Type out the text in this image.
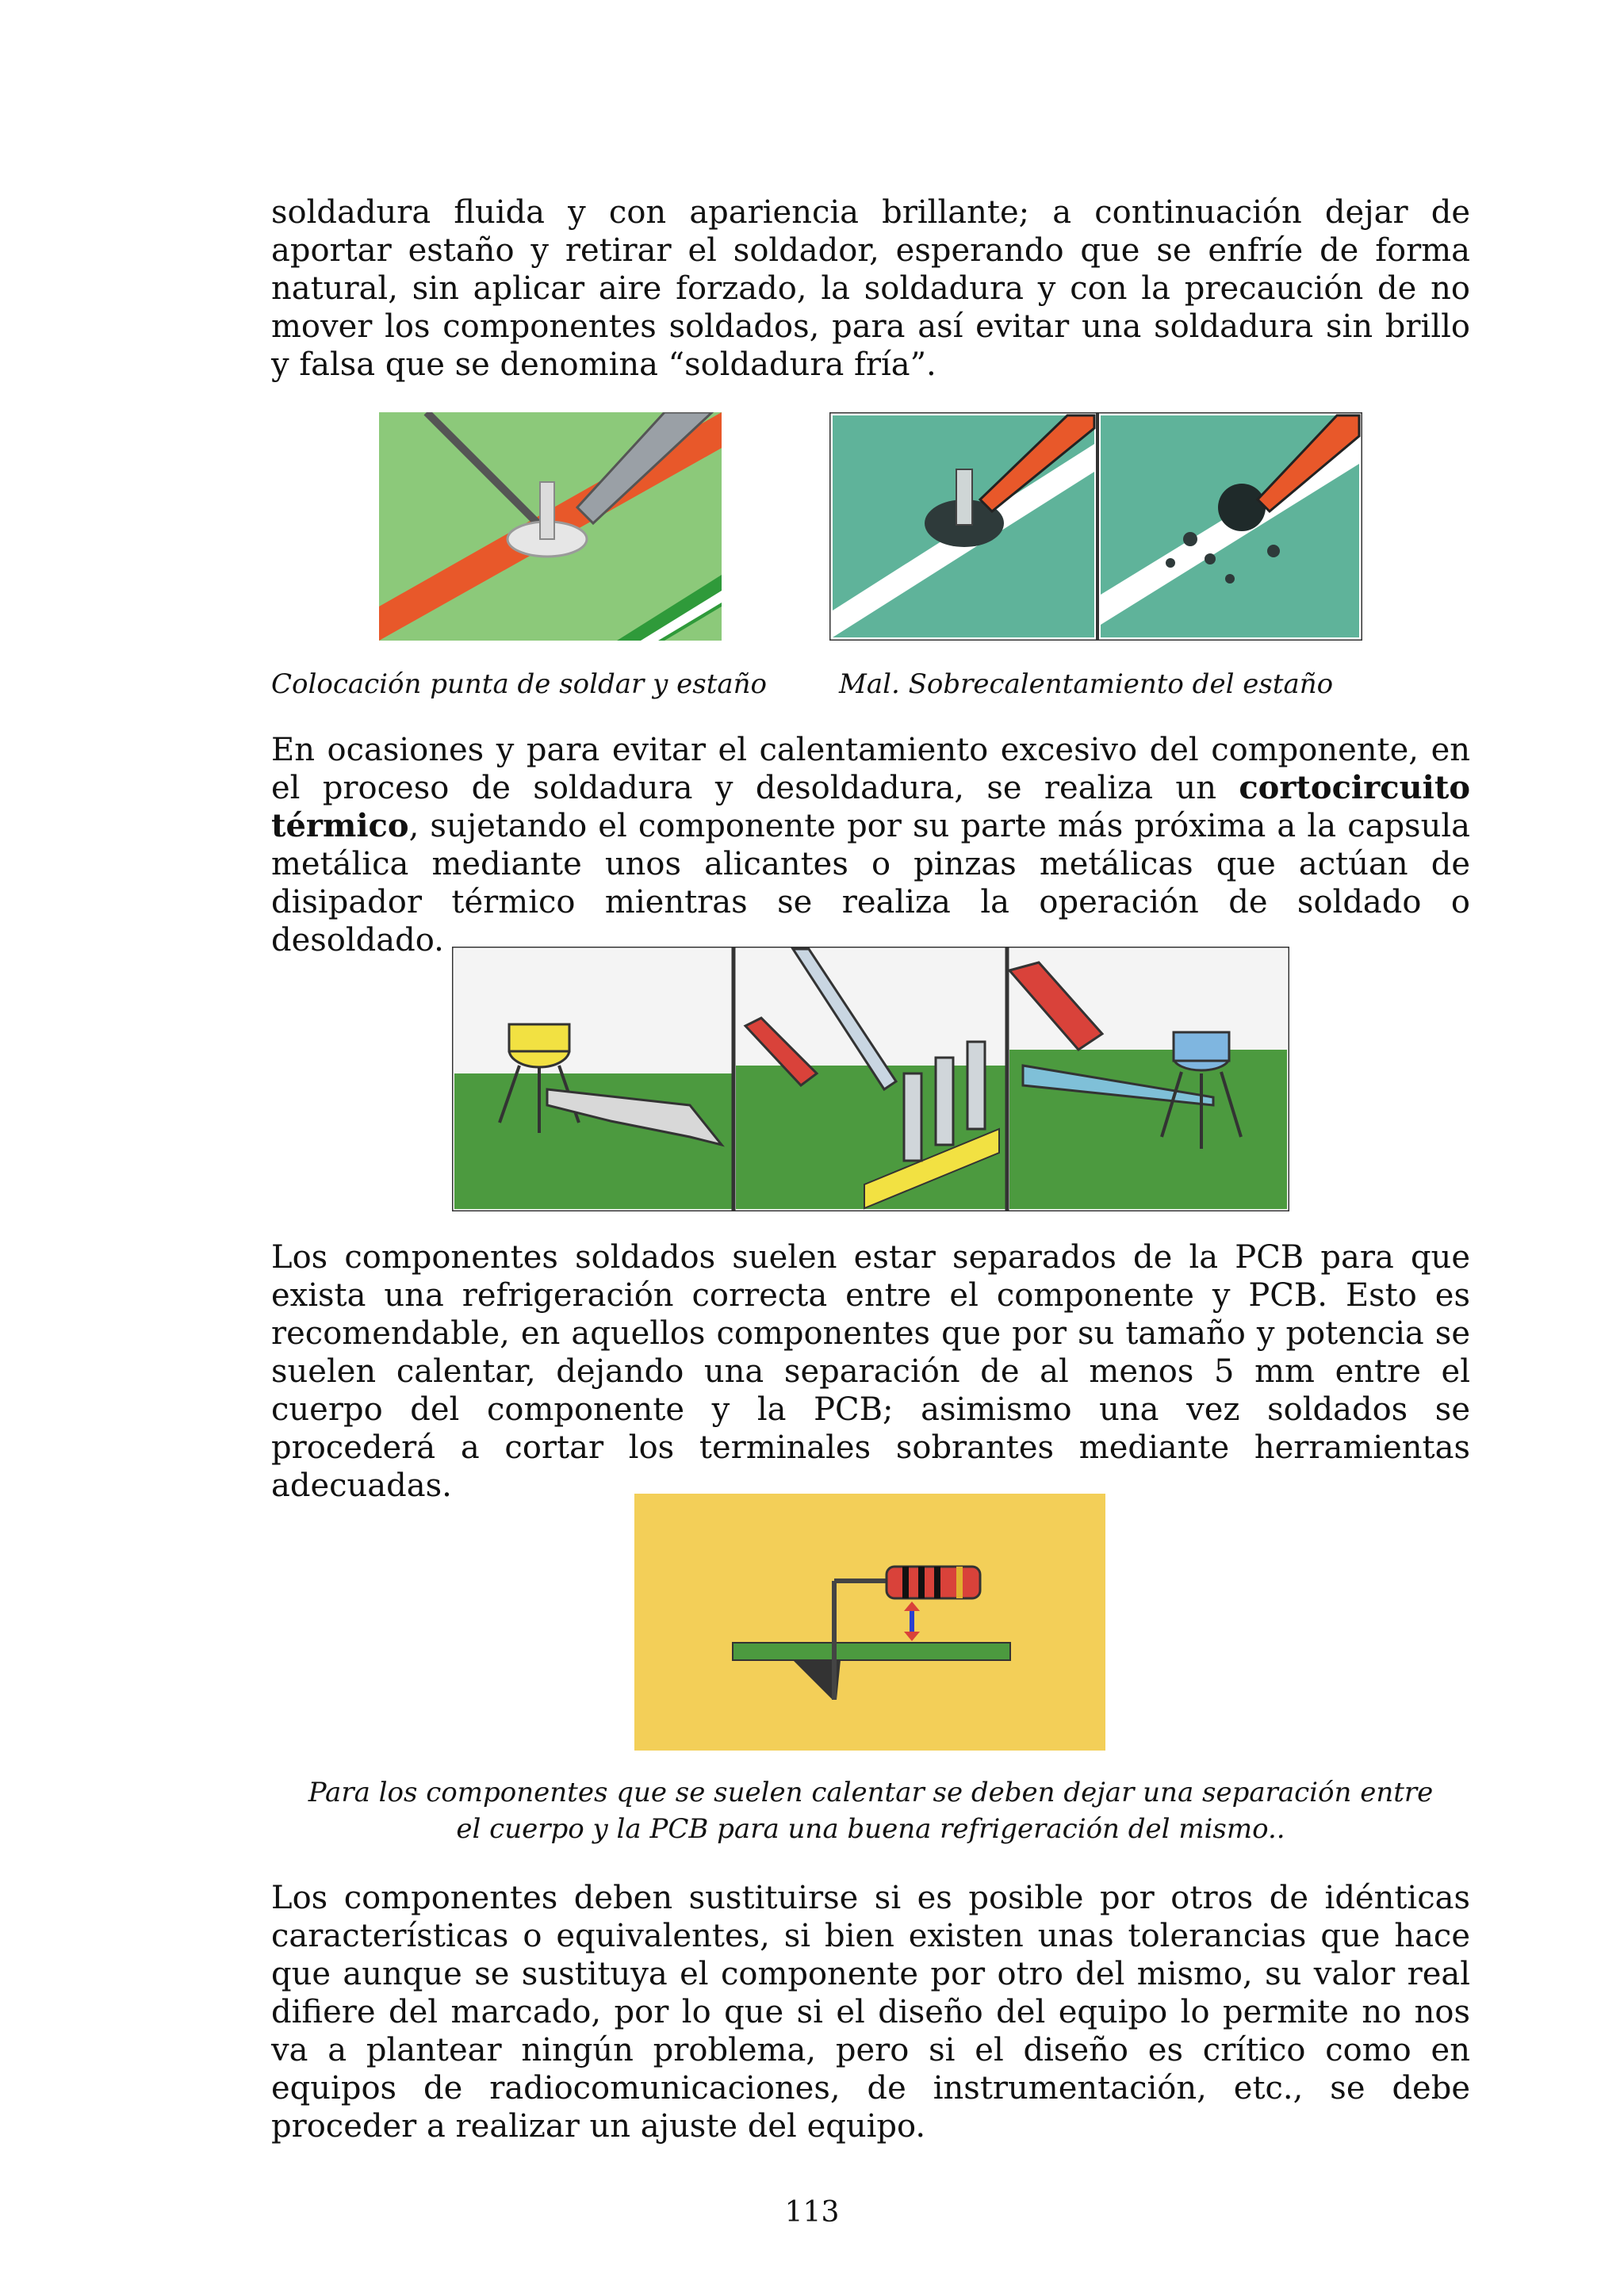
soldadura fluida y con apariencia brillante; a continuación dejar de aportar estaño y retirar el soldador, esperando que se enfríe de forma natural, sin aplicar aire forzado, la soldadura y con la precaución de no mover los componentes soldados, para así evitar una soldadura sin brillo y falsa que se denomina “soldadura fría”.

Colocación punta de soldar y estaño	Mal. Sobrecalentamiento del estaño

En ocasiones y para evitar el calentamiento excesivo del componente, en el proceso de soldadura y desoldadura, se realiza un cortocircuito térmico, sujetando el componente por su parte más próxima a la capsula metálica mediante unos alicantes o pinzas metálicas que actúan de disipador térmico mientras se realiza la operación de soldado o desoldado.

Los componentes soldados suelen estar separados de la PCB para que exista una refrigeración correcta entre el componente y PCB. Esto es recomendable, en aquellos componentes que por su tamaño y potencia se suelen calentar, dejando una separación de al menos 5 mm entre el cuerpo del componente y la PCB; asimismo una vez soldados se procederá a cortar los terminales sobrantes mediante herramientas adecuadas.

Para los componentes que se suelen calentar se deben dejar una separación entre

el cuerpo y la PCB para una buena refrigeración del mismo..

Los componentes deben sustituirse si es posible por otros de idénticas características o equivalentes, si bien existen unas tolerancias que hace que aunque se sustituya el componente por otro del mismo, su valor real difiere del marcado, por lo que si el diseño del equipo lo permite no nos va a plantear ningún problema, pero si el diseño es crítico como en equipos de radiocomunicaciones, de instrumentación, etc., se debe proceder a realizar un ajuste del equipo.

113
